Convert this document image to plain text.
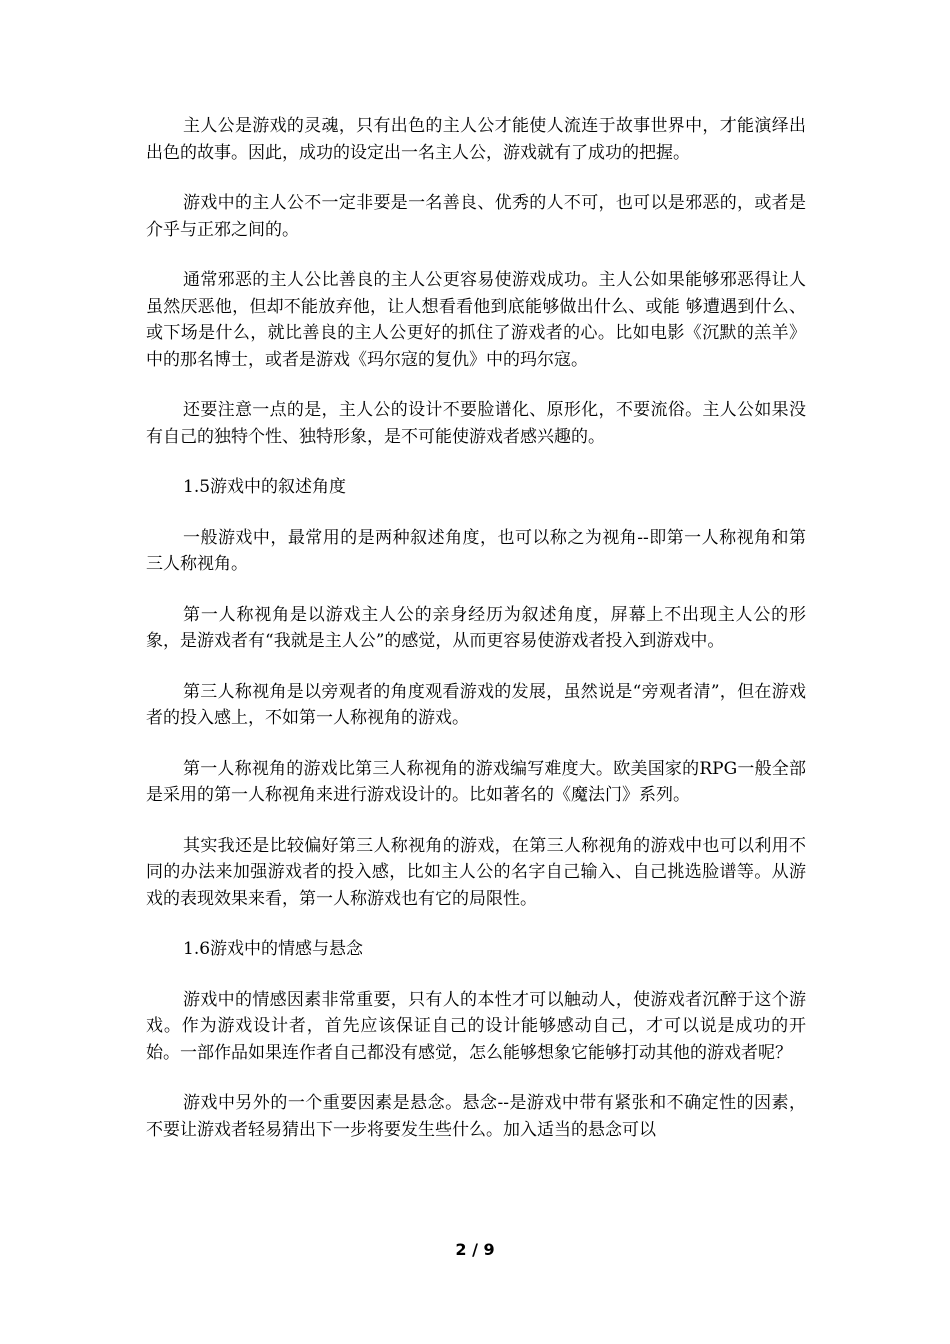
主人公是游戏的灵魂，只有出色的主人公才能使人流连于故事世界中，才能演绎出出色的故事。因此，成功的设定出一名主人公，游戏就有了成功的把握。

游戏中的主人公不一定非要是一名善良、优秀的人不可，也可以是邪恶的，或者是介乎与正邪之间的。

通常邪恶的主人公比善良的主人公更容易使游戏成功。主人公如果能够邪恶得让人虽然厌恶他，但却不能放弃他，让人想看看他到底能够做出什么、或能 够遭遇到什么、或下场是什么，就比善良的主人公更好的抓住了游戏者的心。比如电影《沉默的羔羊》中的那名博士，或者是游戏《玛尔寇的复仇》中的玛尔寇。

还要注意一点的是，主人公的设计不要脸谱化、原形化，不要流俗。主人公如果没有自己的独特个性、独特形象，是不可能使游戏者感兴趣的。

1.5游戏中的叙述角度

一般游戏中，最常用的是两种叙述角度，也可以称之为视角--即第一人称视角和第三人称视角。

第一人称视角是以游戏主人公的亲身经历为叙述角度，屏幕上不出现主人公的形象，是游戏者有“我就是主人公”的感觉，从而更容易使游戏者投入到游戏中。

第三人称视角是以旁观者的角度观看游戏的发展，虽然说是“旁观者清”，但在游戏者的投入感上，不如第一人称视角的游戏。

第一人称视角的游戏比第三人称视角的游戏编写难度大。欧美国家的RPG一般全部是采用的第一人称视角来进行游戏设计的。比如著名的《魔法门》系列。

其实我还是比较偏好第三人称视角的游戏，在第三人称视角的游戏中也可以利用不同的办法来加强游戏者的投入感，比如主人公的名字自己输入、自己挑选脸谱等。从游戏的表现效果来看，第一人称游戏也有它的局限性。

1.6游戏中的情感与悬念

游戏中的情感因素非常重要，只有人的本性才可以触动人，使游戏者沉醉于这个游戏。作为游戏设计者，首先应该保证自己的设计能够感动自己，才可以说是成功的开始。一部作品如果连作者自己都没有感觉，怎么能够想象它能够打动其他的游戏者呢？

游戏中另外的一个重要因素是悬念。悬念--是游戏中带有紧张和不确定性的因素，不要让游戏者轻易猜出下一步将要发生些什么。加入适当的悬念可以

2 / 9
